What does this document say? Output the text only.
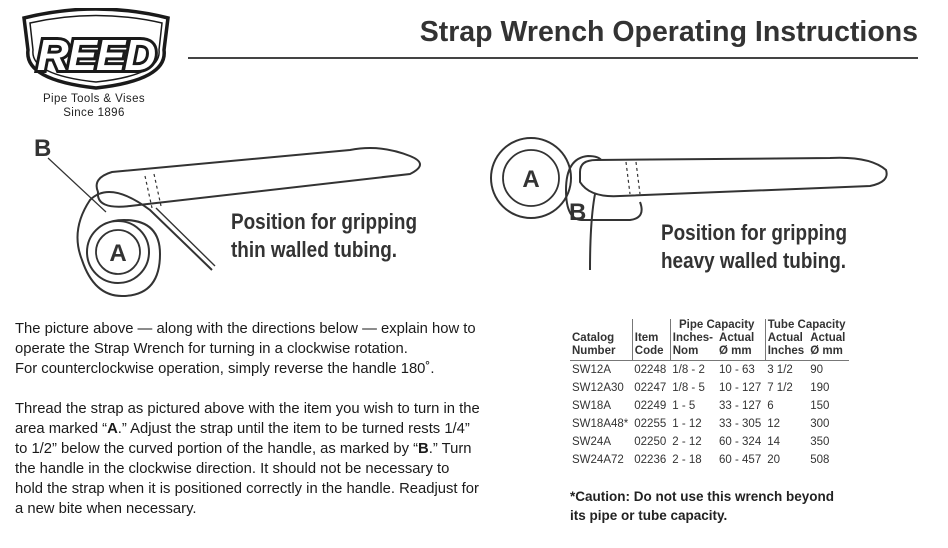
REED
Pipe Tools & Vises
Since 1896
Strap Wrench Operating Instructions
A
B
A
B
Position for gripping
thin walled tubing.
Position for gripping
heavy walled tubing.

The picture above — along with the directions below — explain how to

operate the Strap Wrench for turning in a clockwise rotation.

For counterclockwise operation, simply reverse the handle 180˚.

Thread the strap as pictured above with the item you wish to turn in the

area marked “A.” Adjust the strap until the item to be turned rests 1/4”

to 1/2” below the curved portion of the handle, as marked by “B.” Turn

the handle in the clockwise direction. It should not be necessary to

hold the strap when it is positioned correctly in the handle. Readjust for

a new bite when necessary.

		Pipe Capacity		Tube Capacity	
Catalog	Item	Inches-	Actual	Actual	Actual
Number	Code	Nom	Ø mm	Inches	Ø mm
SW12A	02248	1/8 - 2	10 - 63	3 1/2	90
SW12A30	02247	1/8 - 5	10 - 127	7 1/2	190
SW18A	02249	1 - 5	33 - 127	6	150
SW18A48*	02255	1 - 12	33 - 305	12	300
SW24A	02250	2 - 12	60 - 324	14	350
SW24A72	02236	2 - 18	60 - 457	20	508
*Caution: Do not use this wrench beyond
its pipe or tube capacity.
